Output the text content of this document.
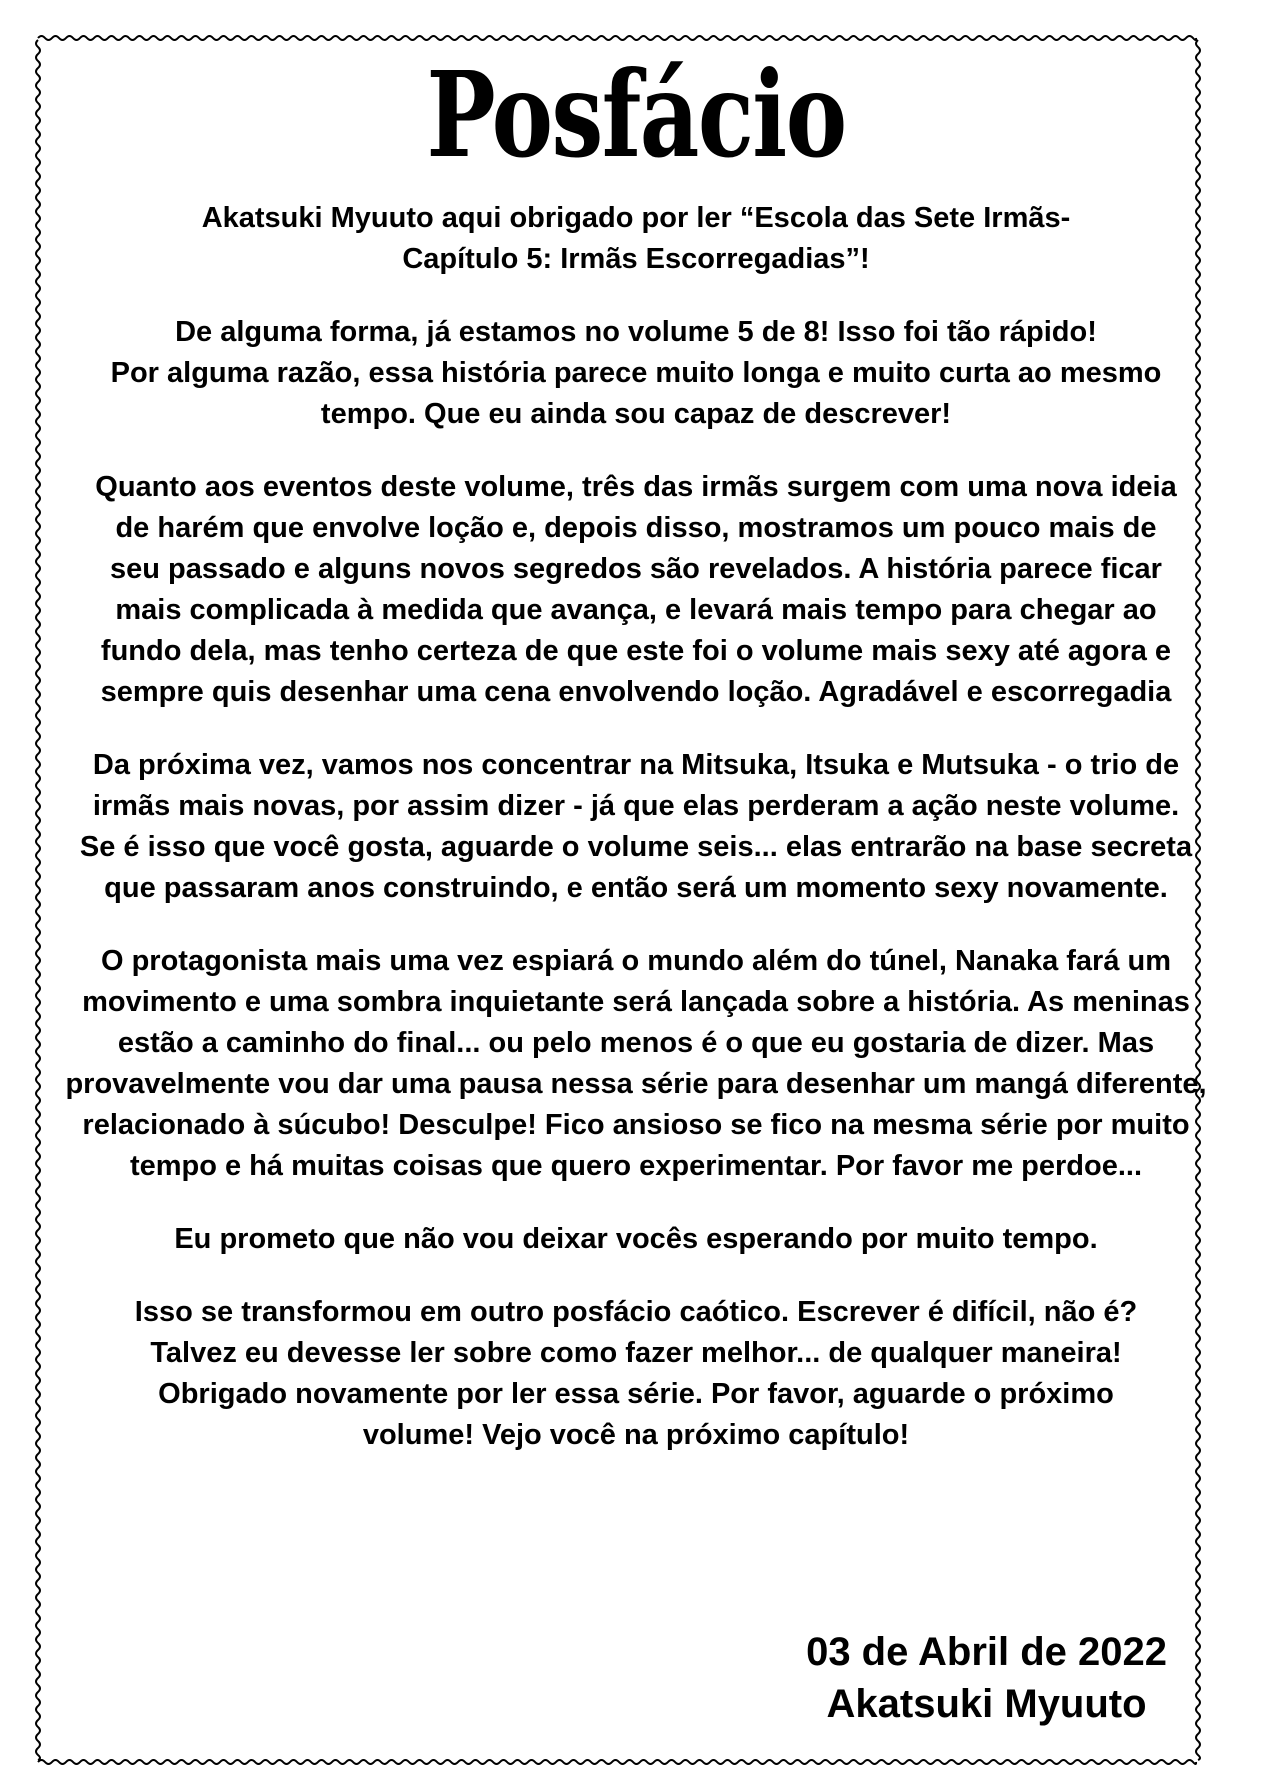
Posfácio

Akatsuki Myuuto aqui obrigado por ler “Escola das Sete Irmãs-
Capítulo 5: Irmãs Escorregadias”!

De alguma forma, já estamos no volume 5 de 8! Isso foi tão rápido!
Por alguma razão, essa história parece muito longa e muito curta ao mesmo
tempo. Que eu ainda sou capaz de descrever!

Quanto aos eventos deste volume, três das irmãs surgem com uma nova ideia
de harém que envolve loção e, depois disso, mostramos um pouco mais de
seu passado e alguns novos segredos são revelados. A história parece ficar
mais complicada à medida que avança, e levará mais tempo para chegar ao
fundo dela, mas tenho certeza de que este foi o volume mais sexy até agora e
sempre quis desenhar uma cena envolvendo loção. Agradável e escorregadia

Da próxima vez, vamos nos concentrar na Mitsuka, Itsuka e Mutsuka - o trio de
irmãs mais novas, por assim dizer - já que elas perderam a ação neste volume.
Se é isso que você gosta, aguarde o volume seis... elas entrarão na base secreta
que passaram anos construindo, e então será um momento sexy novamente.

O protagonista mais uma vez espiará o mundo além do túnel, Nanaka fará um
movimento e uma sombra inquietante será lançada sobre a história. As meninas
estão a caminho do final... ou pelo menos é o que eu gostaria de dizer. Mas
provavelmente vou dar uma pausa nessa série para desenhar um mangá diferente,
relacionado à súcubo! Desculpe! Fico ansioso se fico na mesma série por muito
tempo e há muitas coisas que quero experimentar. Por favor me perdoe...

Eu prometo que não vou deixar vocês esperando por muito tempo.

Isso se transformou em outro posfácio caótico. Escrever é difícil, não é?
Talvez eu devesse ler sobre como fazer melhor... de qualquer maneira!
Obrigado novamente por ler essa série. Por favor, aguarde o próximo
volume! Vejo você na próximo capítulo!

03 de Abril de 2022
Akatsuki Myuuto
